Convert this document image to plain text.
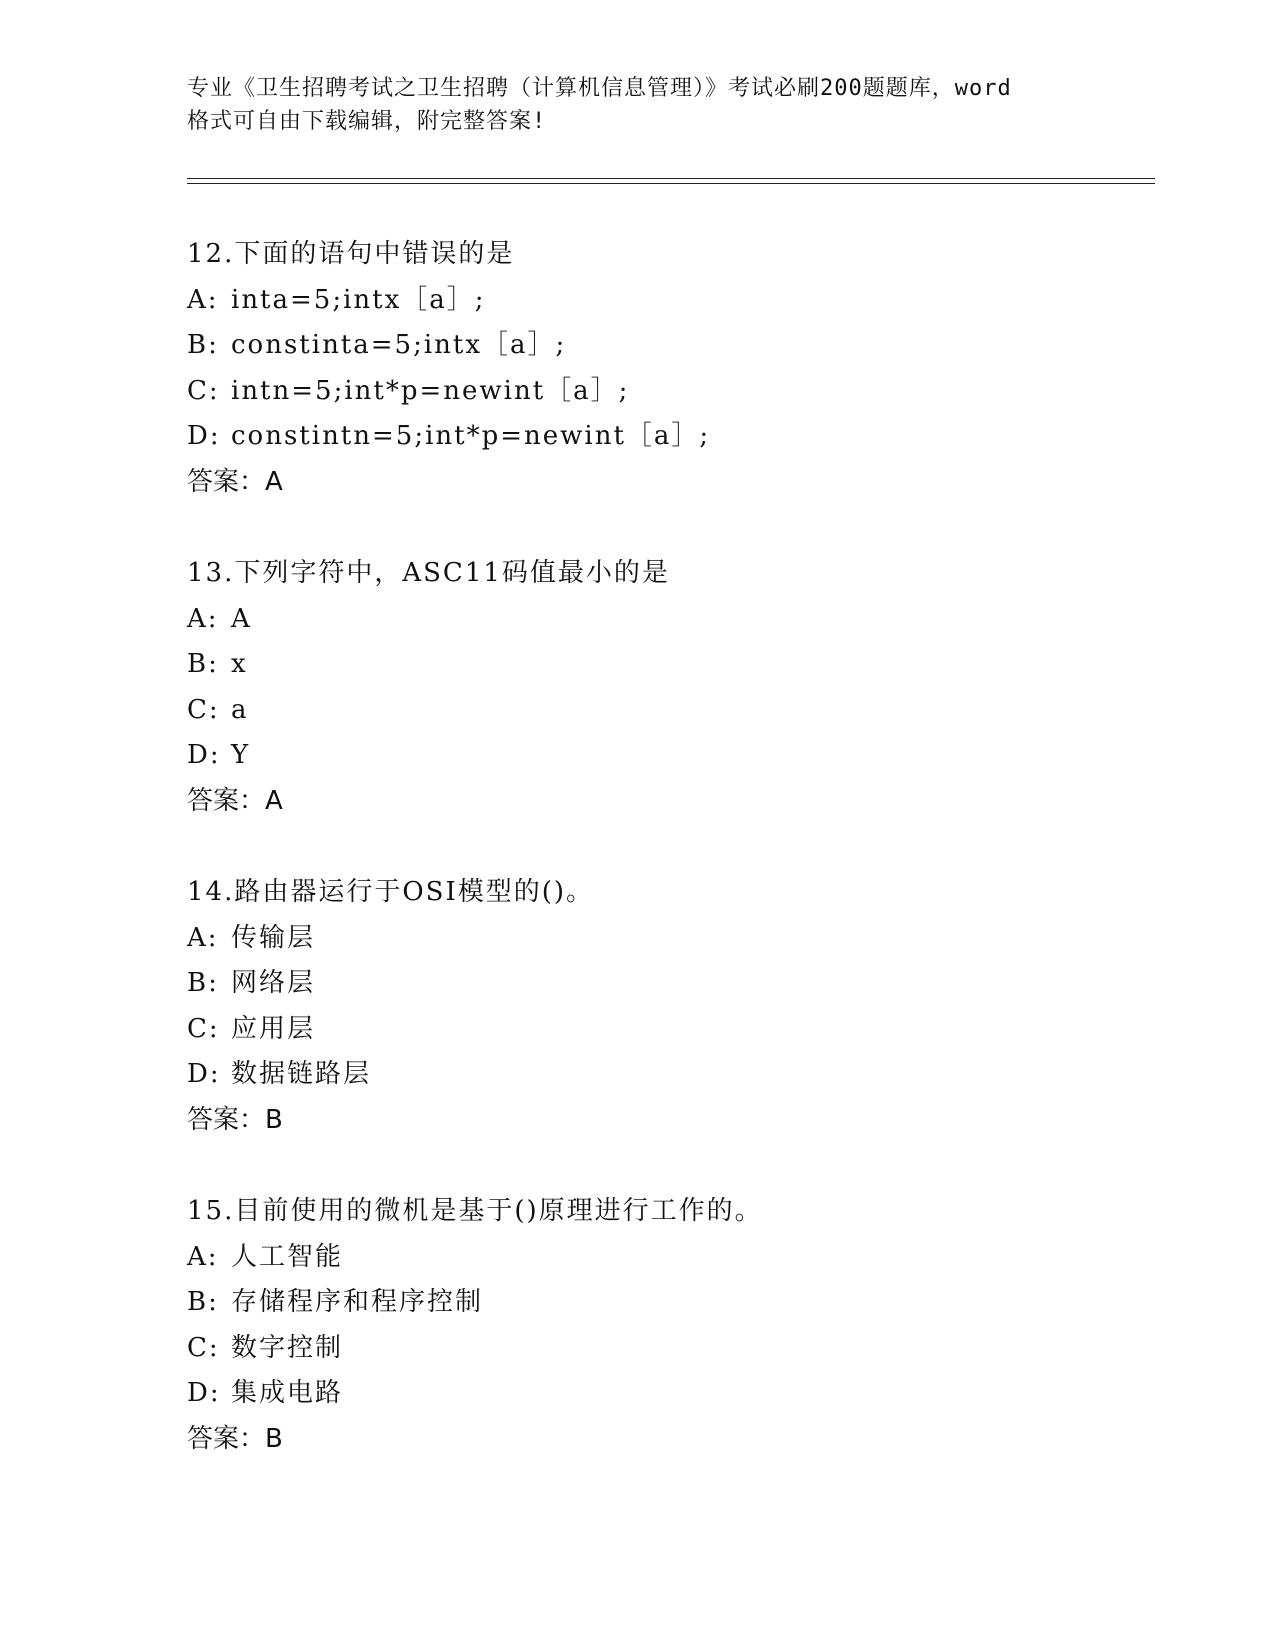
专业《卫生招聘考试之卫生招聘（计算机信息管理）》考试必刷200题题库，word
格式可自由下载编辑，附完整答案!
12.下面的语句中错误的是
A: inta=5;intx［a］;
B: constinta=5;intx［a］;
C: intn=5;int*p=newint［a］;
D: constintn=5;int*p=newint［a］;
答案：A
13.下列字符中，ASC11码值最小的是
A: A
B: x
C: a
D: Y
答案：A
14.路由器运行于OSI模型的()。
A: 传输层
B: 网络层
C: 应用层
D: 数据链路层
答案：B
15.目前使用的微机是基于()原理进行工作的。
A: 人工智能
B: 存储程序和程序控制
C: 数字控制
D: 集成电路
答案：B
